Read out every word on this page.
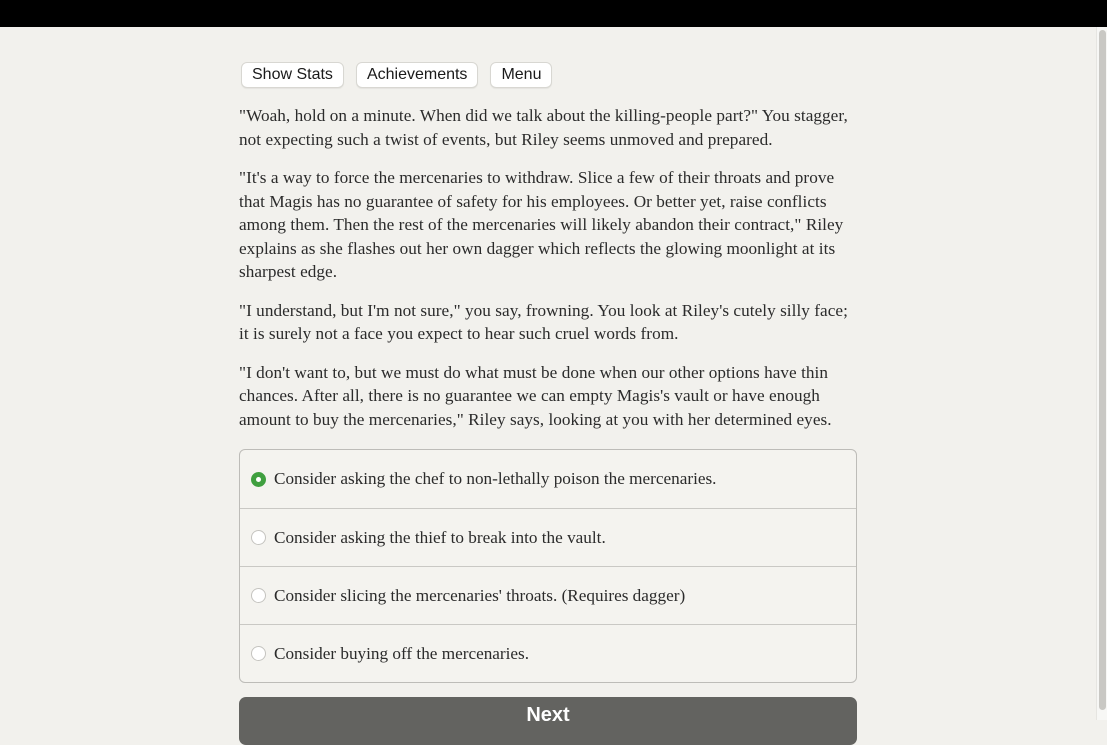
Show Stats	Achievements	Menu

"Woah, hold on a minute. When did we talk about the killing-people part?" You stagger, not expecting such a twist of events, but Riley seems unmoved and prepared.

"It's a way to force the mercenaries to withdraw. Slice a few of their throats and prove that Magis has no guarantee of safety for his employees. Or better yet, raise conflicts among them. Then the rest of the mercenaries will likely abandon their contract," Riley explains as she flashes out her own dagger which reflects the glowing moonlight at its sharpest edge.

"I understand, but I'm not sure," you say, frowning. You look at Riley's cutely silly face; it is surely not a face you expect to hear such cruel words from.

"I don't want to, but we must do what must be done when our other options have thin chances. After all, there is no guarantee we can empty Magis's vault or have enough amount to buy the mercenaries," Riley says, looking at you with her determined eyes.

Consider asking the chef to non-lethally poison the mercenaries.
Consider asking the thief to break into the vault.
Consider slicing the mercenaries' throats. (Requires dagger)
Consider buying off the mercenaries.
Next
